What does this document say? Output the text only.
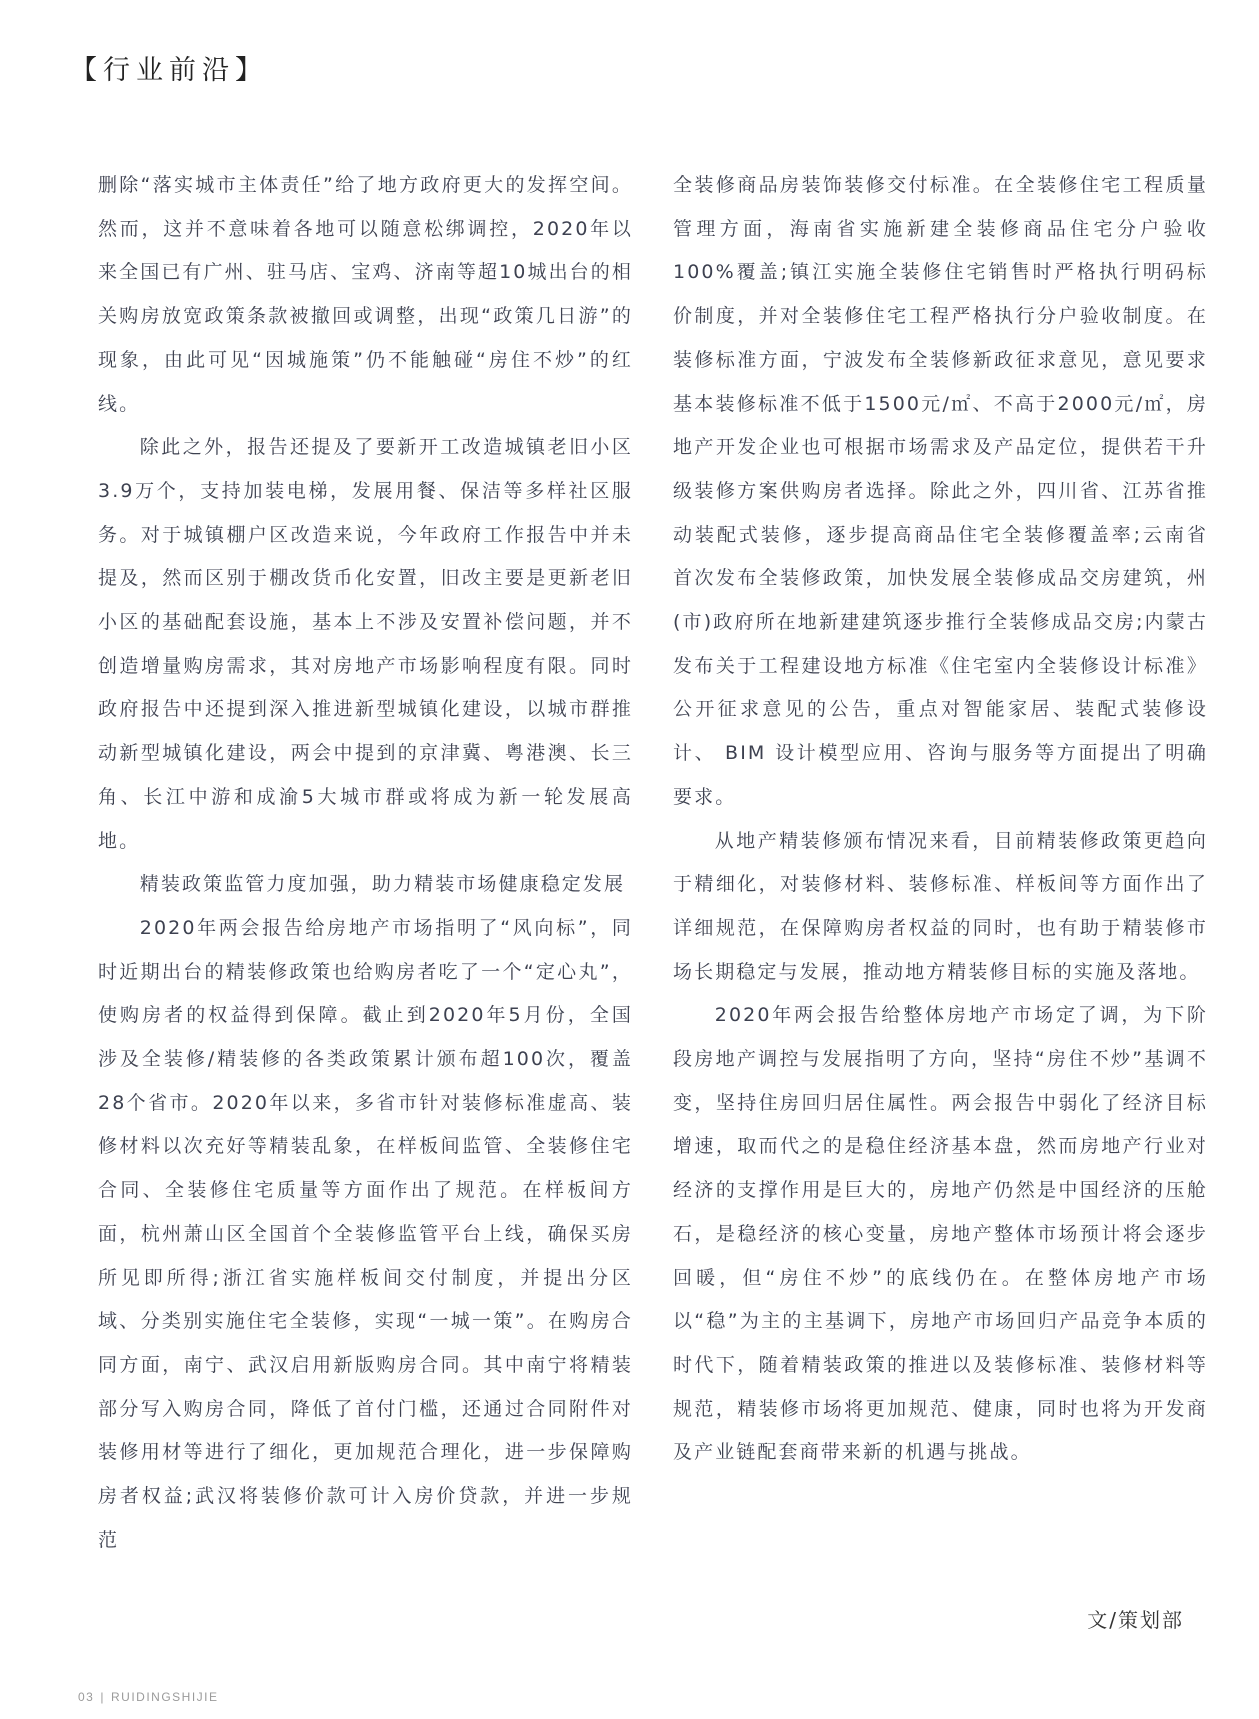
【行业前沿】

删除“落实城市主体责任”给了地方政府更大的发挥空间。然而，这并不意味着各地可以随意松绑调控，2020年以来全国已有广州、驻马店、宝鸡、济南等超10城出台的相关购房放宽政策条款被撤回或调整，出现“政策几日游”的现象，由此可见“因城施策”仍不能触碰“房住不炒”的红线。

除此之外，报告还提及了要新开工改造城镇老旧小区3.9万个，支持加装电梯，发展用餐、保洁等多样社区服务。对于城镇棚户区改造来说，今年政府工作报告中并未提及，然而区别于棚改货币化安置，旧改主要是更新老旧小区的基础配套设施，基本上不涉及安置补偿问题，并不创造增量购房需求，其对房地产市场影响程度有限。同时政府报告中还提到深入推进新型城镇化建设，以城市群推动新型城镇化建设，两会中提到的京津冀、粤港澳、长三角、长江中游和成渝5大城市群或将成为新一轮发展高地。

精装政策监管力度加强，助力精装市场健康稳定发展

2020年两会报告给房地产市场指明了“风向标”，同时近期出台的精装修政策也给购房者吃了一个“定心丸”，使购房者的权益得到保障。截止到2020年5月份，全国涉及全装修/精装修的各类政策累计颁布超100次，覆盖28个省市。2020年以来，多省市针对装修标准虚高、装修材料以次充好等精装乱象，在样板间监管、全装修住宅合同、全装修住宅质量等方面作出了规范。在样板间方面，杭州萧山区全国首个全装修监管平台上线，确保买房所见即所得;浙江省实施样板间交付制度，并提出分区域、分类别实施住宅全装修，实现“一城一策”。在购房合同方面，南宁、武汉启用新版购房合同。其中南宁将精装部分写入购房合同，降低了首付门槛，还通过合同附件对装修用材等进行了细化，更加规范合理化，进一步保障购房者权益;武汉将装修价款可计入房价贷款，并进一步规范

全装修商品房装饰装修交付标准。在全装修住宅工程质量管理方面，海南省实施新建全装修商品住宅分户验收100%覆盖;镇江实施全装修住宅销售时严格执行明码标价制度，并对全装修住宅工程严格执行分户验收制度。在装修标准方面，宁波发布全装修新政征求意见，意见要求基本装修标准不低于1500元/㎡、不高于2000元/㎡，房地产开发企业也可根据市场需求及产品定位，提供若干升级装修方案供购房者选择。除此之外，四川省、江苏省推动装配式装修，逐步提高商品住宅全装修覆盖率;云南省首次发布全装修政策，加快发展全装修成品交房建筑，州(市)政府所在地新建建筑逐步推行全装修成品交房;内蒙古发布关于工程建设地方标准《住宅室内全装修设计标准》公开征求意见的公告，重点对智能家居、装配式装修设计、 BIM 设计模型应用、咨询与服务等方面提出了明确要求。

从地产精装修颁布情况来看，目前精装修政策更趋向于精细化，对装修材料、装修标准、样板间等方面作出了详细规范，在保障购房者权益的同时，也有助于精装修市场长期稳定与发展，推动地方精装修目标的实施及落地。

2020年两会报告给整体房地产市场定了调，为下阶段房地产调控与发展指明了方向，坚持“房住不炒”基调不变，坚持住房回归居住属性。两会报告中弱化了经济目标增速，取而代之的是稳住经济基本盘，然而房地产行业对经济的支撑作用是巨大的，房地产仍然是中国经济的压舱石，是稳经济的核心变量，房地产整体市场预计将会逐步回暖，但“房住不炒”的底线仍在。在整体房地产市场以“稳”为主的主基调下，房地产市场回归产品竞争本质的时代下，随着精装政策的推进以及装修标准、装修材料等规范，精装修市场将更加规范、健康，同时也将为开发商及产业链配套商带来新的机遇与挑战。

文/策划部
03 | RUIDINGSHIJIE
